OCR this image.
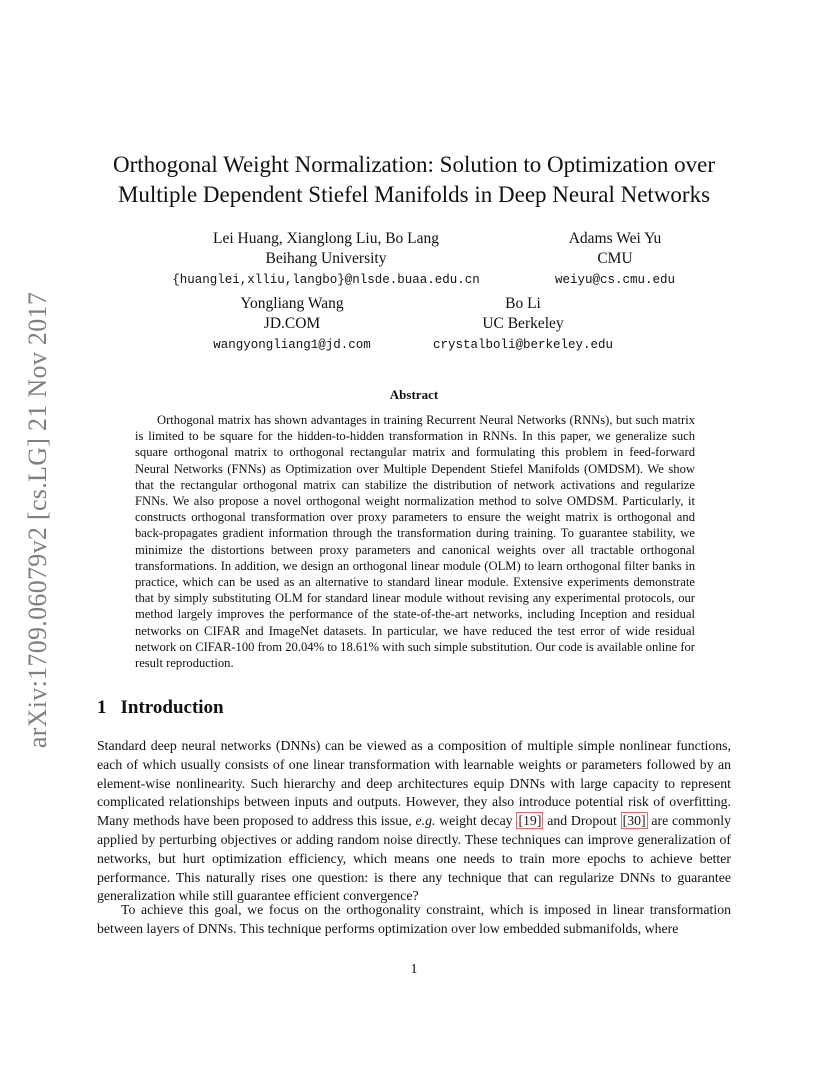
arXiv:1709.06079v2 [cs.LG] 21 Nov 2017
Orthogonal Weight Normalization: Solution to Optimization over
Multiple Dependent Stiefel Manifolds in Deep Neural Networks
Lei Huang, Xianglong Liu, Bo Lang
Beihang University
{huanglei,xlliu,langbo}@nlsde.buaa.edu.cn
Adams Wei Yu
CMU
weiyu@cs.cmu.edu
Yongliang Wang
JD.COM
wangyongliang1@jd.com
Bo Li
UC Berkeley
crystalboli@berkeley.edu
Abstract

Orthogonal matrix has shown advantages in training Recurrent Neural Networks (RNNs), but such matrix is limited to be square for the hidden-to-hidden transformation in RNNs. In this paper, we generalize such square orthogonal matrix to orthogonal rectangular matrix and formulating this problem in feed-forward Neural Networks (FNNs) as Optimization over Multiple Dependent Stiefel Manifolds (OMDSM). We show that the rectangular orthogonal matrix can stabilize the distribution of network activations and regularize FNNs. We also propose a novel orthogonal weight normalization method to solve OMDSM. Particularly, it constructs orthogonal transformation over proxy parameters to ensure the weight matrix is orthogonal and back-propagates gradient information through the transformation during training. To guarantee stability, we minimize the distortions between proxy parameters and canonical weights over all tractable orthogonal transformations. In addition, we design an orthogonal linear module (OLM) to learn orthogonal filter banks in practice, which can be used as an alternative to standard linear module. Extensive experiments demonstrate that by simply substituting OLM for standard linear module without revising any experimental protocols, our method largely improves the performance of the state-of-the-art networks, including Inception and residual networks on CIFAR and ImageNet datasets. In particular, we have reduced the test error of wide residual network on CIFAR-100 from 20.04% to 18.61% with such simple substitution. Our code is available online for result reproduction.

1 Introduction

Standard deep neural networks (DNNs) can be viewed as a composition of multiple simple nonlinear functions, each of which usually consists of one linear transformation with learnable weights or parameters followed by an element-wise nonlinearity. Such hierarchy and deep architectures equip DNNs with large capacity to represent complicated relationships between inputs and outputs. However, they also introduce potential risk of overfitting. Many methods have been proposed to address this issue, e.g. weight decay [19] and Dropout [30] are commonly applied by perturbing objectives or adding random noise directly. These techniques can improve generalization of networks, but hurt optimization efficiency, which means one needs to train more epochs to achieve better performance. This naturally rises one question: is there any technique that can regularize DNNs to guarantee generalization while still guarantee efficient convergence?

To achieve this goal, we focus on the orthogonality constraint, which is imposed in linear transformation between layers of DNNs. This technique performs optimization over low embedded submanifolds, where

1
